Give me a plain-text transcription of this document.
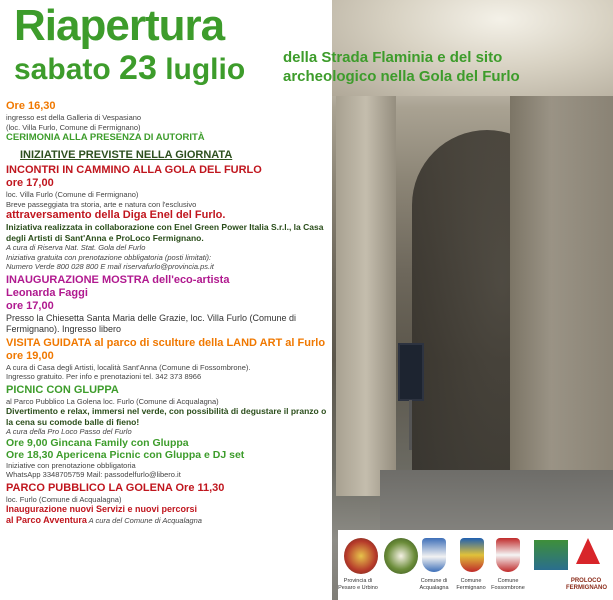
Riapertura
sabato 23 luglio	della Strada Flaminia e del sito
archeologico nella Gola del Furlo
Ore 16,30
ingresso est della Galleria di Vespasiano
(loc. Villa Furlo, Comune di Fermignano)
CERIMONIA ALLA PRESENZA DI AUTORITÀ
INIZIATIVE PREVISTE NELLA GIORNATA
INCONTRI IN CAMMINO ALLA GOLA DEL FURLO
ore 17,00
loc. Villa Furlo (Comune di Fermignano)
Breve passeggiata tra storia, arte e natura con l'esclusivo
attraversamento della Diga Enel del Furlo.
Iniziativa realizzata in collaborazione con Enel Green Power Italia S.r.l., la Casa degli Artisti di Sant'Anna e ProLoco Fermignano.
A cura di Riserva Nat. Stat. Gola del Furlo
Iniziativa gratuita con prenotazione obbligatoria (posti limitati):
Numero Verde 800 028 800 E mail riservafurlo@provincia.ps.it
INAUGURAZIONE MOSTRA dell'eco-artista
Leonarda Faggi
ore 17,00
Presso la Chiesetta Santa Maria delle Grazie, loc. Villa Furlo (Comune di Fermignano). Ingresso libero
VISITA GUIDATA al parco di sculture della LAND ART al Furlo
ore 19,00
A cura di Casa degli Artisti, località Sant'Anna (Comune di Fossombrone).
Ingresso gratuito. Per info e prenotazioni tel. 342 373 8966
PICNIC CON GLUPPA
al Parco Pubblico La Golena loc. Furlo (Comune di Acqualagna)
Divertimento e relax, immersi nel verde, con possibilità di degustare il pranzo o la cena su comode balle di fieno!
A cura della Pro Loco Passo del Furlo
Ore 9,00 Gincana Family con Gluppa
Ore 18,30 Apericena Picnic con Gluppa e DJ set
Iniziative con prenotazione obbligatoria
WhatsApp 3348705759 Mail: passodelfurlo@libero.it
PARCO PUBBLICO LA GOLENA Ore 11,30
loc. Furlo (Comune di Acqualagna)
Inaugurazione nuovi Servizi e nuovi percorsi
al Parco Avventura A cura del Comune di Acqualagna
Provincia di Pesaro e Urbino
Comune di Acqualagna
Comune Fermignano
Comune Fossombrone
PROLOCO FERMIGNANO
